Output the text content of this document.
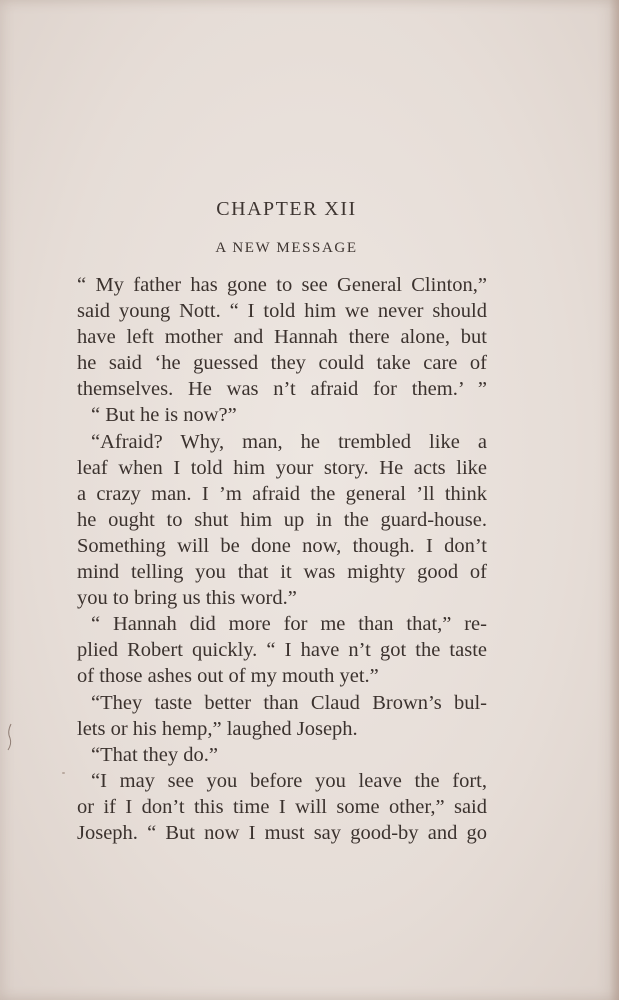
CHAPTER XII
A NEW MESSAGE
“ My father has gone to see General Clinton,”
said young Nott. “ I told him we never should
have left mother and Hannah there alone, but
he said ‘he guessed they could take care of
themselves. He was n’t afraid for them.’ ”
“ But he is now?”
“Afraid? Why, man, he trembled like a
leaf when I told him your story. He acts like
a crazy man. I ’m afraid the general ’ll think
he ought to shut him up in the guard-house.
Something will be done now, though. I don’t
mind telling you that it was mighty good of
you to bring us this word.”
“ Hannah did more for me than that,” re-
plied Robert quickly. “ I have n’t got the taste
of those ashes out of my mouth yet.”
“They taste better than Claud Brown’s bul-
lets or his hemp,” laughed Joseph.
“That they do.”
“I may see you before you leave the fort,
or if I don’t this time I will some other,” said
Joseph. “ But now I must say good-by and go
